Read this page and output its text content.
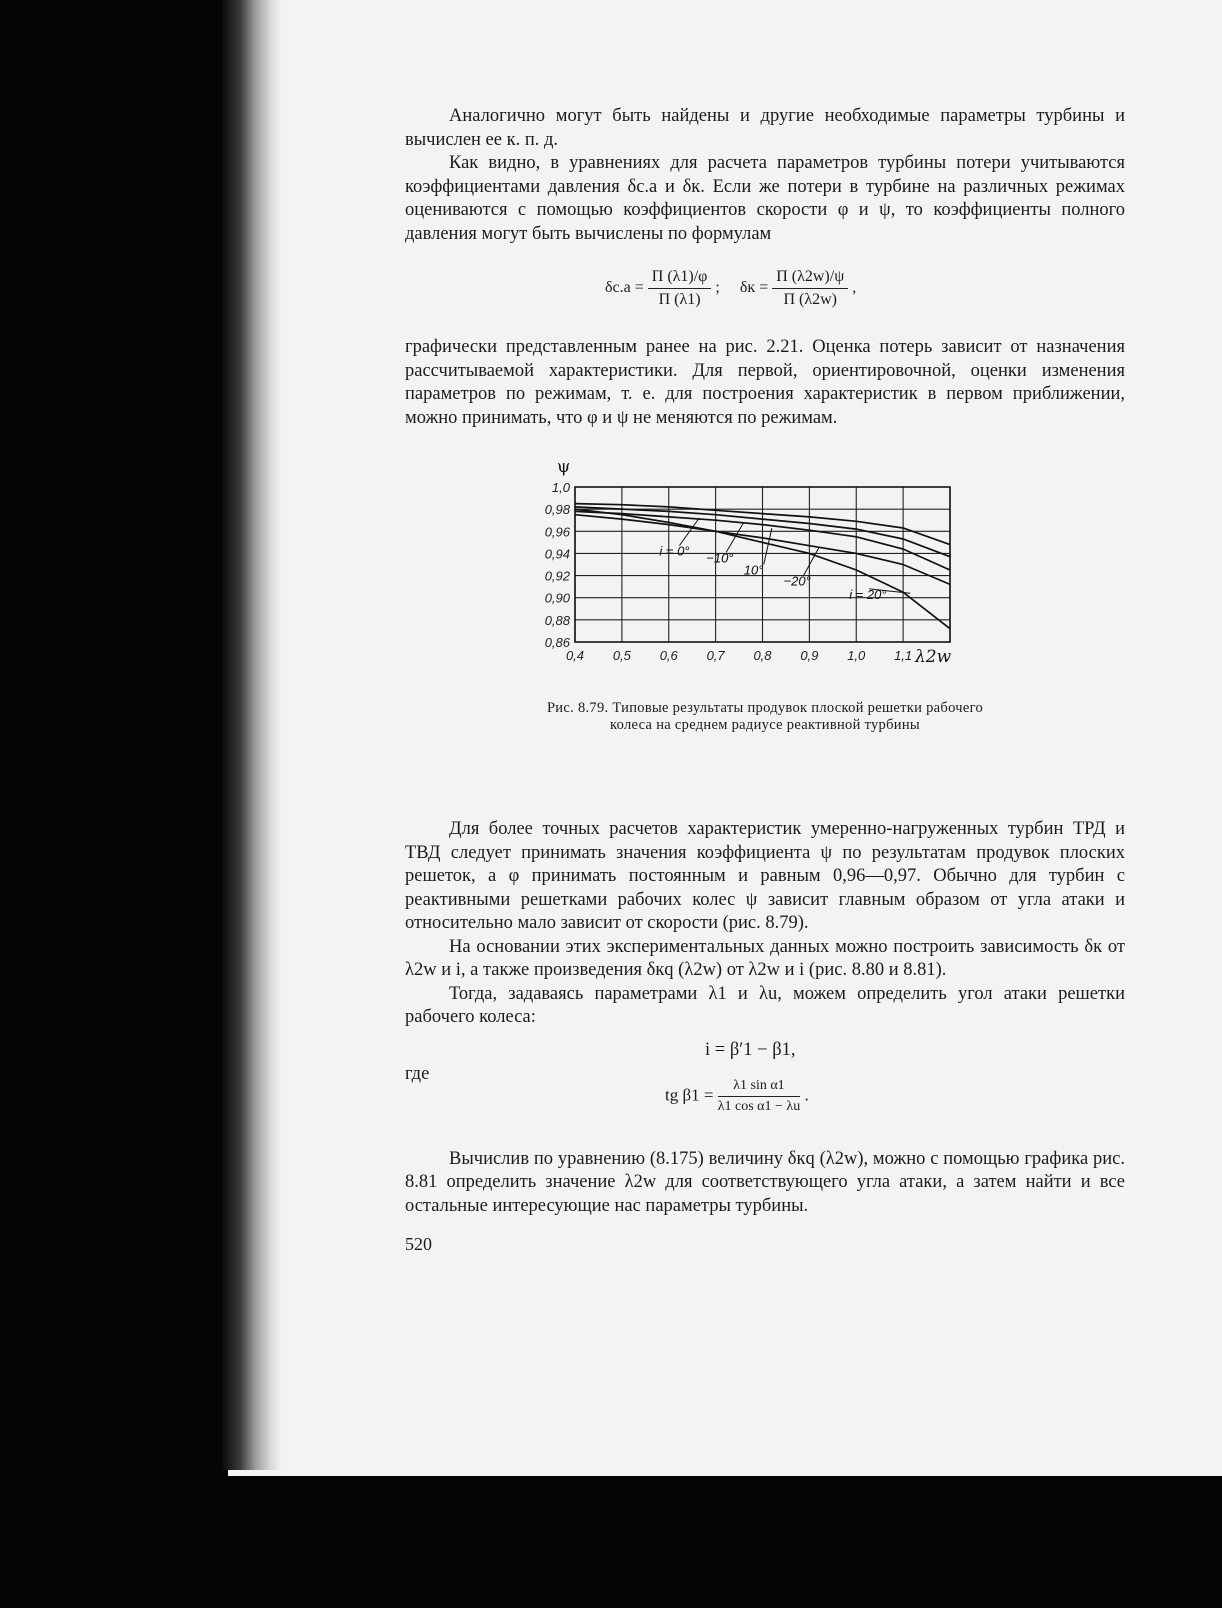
Аналогично могут быть найдены и другие необходимые параметры турбины и вычислен ее к. п. д.

Как видно, в уравнениях для расчета параметров турбины потери учитываются коэффициентами давления δс.а и δк. Если же потери в турбине на различных режимах оцениваются с помощью коэффициентов скорости φ и ψ, то коэффициенты полного давления могут быть вычислены по формулам

$\delta с.а = \frac{\Pi (\lambda 1)/\varphi}{\Pi (\lambda 1)}$ ; $\delta к = \frac{\Pi (\lambda 2w)/\psi}{\Pi (\lambda 2w)}$ ,

графически представленным ранее на рис. 2.21. Оценка потерь зависит от назначения рассчитываемой характеристики. Для первой, ориентировочной, оценки изменения параметров по режимам, т. е. для построения характеристик в первом приближении, можно принимать, что φ и ψ не меняются по режимам.

1,0
0,98
0,96
0,94
0,92
0,90
0,88
0,86
0,4 0,5 0,6 0,7 0,8 0,9 1,0 1,1
ψ
λ2w
i = 0° −10°
10°
−20°
i = 20°

Рис. 8.79. Типовые результаты продувок плоской решетки рабочего колеса на среднем радиусе реактивной турбины

Для более точных расчетов характеристик умеренно-нагруженных турбин ТРД и ТВД следует принимать значения коэффициента ψ по результатам продувок плоских решеток, а φ принимать постоянным и равным 0,96—0,97. Обычно для турбин с реактивными решетками рабочих колес ψ зависит главным образом от угла атаки и относительно мало зависит от скорости (рис. 8.79).

На основании этих экспериментальных данных можно построить зависимость δк от λ2w и i, а также произведения δкq (λ2w) от λ2w и i (рис. 8.80 и 8.81).

Тогда, задаваясь параметрами λ1 и λu, можем определить угол атаки решетки рабочего колеса:

i = β′1 − β1,
где
tg $\beta 1 = \frac{\text{λ1 sin α1}}{\text{λ1 cos α1 − λu}}$ .

Вычислив по уравнению (8.175) величину δкq (λ2w), можно с помощью графика рис. 8.81 определить значение λ2w для соответствующего угла атаки, а затем найти и все остальные интересующие нас параметры турбины.

520
